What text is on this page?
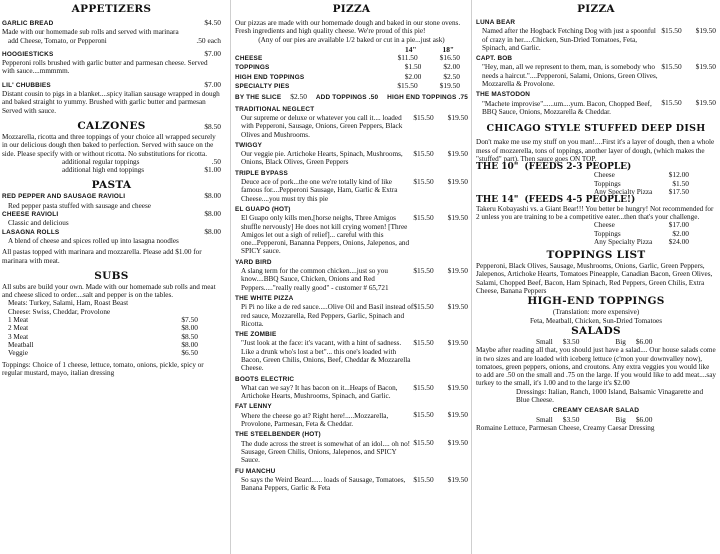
APPETIZERS
GARLIC BREAD	$4.50

Made with our homemade sub rolls and served with marinara

add Cheese, Tomato, or Pepperoni	.50 each
HOOGIESTICKS	$7.00

Pepperoni rolls brushed with garlic butter and parmesan cheese. Served with sauce....mmmmm.

LIL' CHUBBIES	$7.00

Distant cousin to pigs in a blanket....spicy italian sausage wrapped in dough and baked straight to yummy. Brushed with garlic butter and parmesan Served with sauce.

CALZONES	$8.50

Mozzarella, ricotta and three toppings of your choice all wrapped securely in our delicious dough then baked to perfection. Served with sauce on the side. Please specify with or without ricotta. No substitutions for ricotta.

additional regular toppings	.50
additional high end toppings	$1.00
PASTA
RED PEPPER AND SAUSAGE RAVIOLI	$8.00

Red pepper pasta stuffed with sausage and cheese

CHEESE RAVIOLI	$8.00

Classic and delicious

LASAGNA ROLLS	$8.00

A blend of cheese and spices rolled up into lasagna noodles

All pastas topped with marinara and mozzarella. Please add $1.00 for marinara with meat.

SUBS

All subs are build your own. Made with our homemade sub rolls and meat and cheese sliced to order....salt and pepper is on the tables.

Meats: Turkey, Salami, Ham, Roast Beast

Cheese: Swiss, Cheddar, Provolone

1 Meat	$7.50
2 Meat	$8.00
3 Meat	$8.50
Meatball	$8.00
Veggie	$6.50

Toppings: Choice of 1 cheese, lettuce, tomato, onions, pickle, spicy or regular mustard, mayo, italian dressing

PIZZA

Our pizzas are made with our homemade dough and baked in our stone ovens. Fresh ingredients and high quality cheese. We're proud of this pie!

(Any of our pies are available 1/2 baked or cut in a pie...just ask)

14"	18"
CHEESE	$11.50	$16.50
TOPPINGS	$1.50	$2.00
HIGH END TOPPINGS	$2.00	$2.50
SPECIALTY PIES	$15.50	$19.50
BY THE SLICE $2.50 ADD TOPPINGS .50 HIGH END TOPPINGS .75
TRADITIONAL NEGLECT

Our supreme or deluxe or whatever you call it.... loaded with Pepperoni, Sausage, Onions, Green Peppers, Black Olives and Mushrooms.

$15.50 $19.50
TWIGGY

Our veggie pie. Artichoke Hearts, Spinach, Mushrooms, Onions, Black Olives, Green Peppers

$15.50 $19.50
TRIPLE BYPASS

Deuce ace of pork...the one we're totally kind of like famous for....Pepperoni Sausage, Ham, Garlic & Extra Cheese....you must try this pie

$15.50 $19.50
EL GUAPO (HOT)

El Guapo only kills men,[horse neighs, Three Amigos shuffle nervously] He does not kill crying women! [Three Amigos let out a sigh of relief]... careful with this one...Pepperoni, Bananna Peppers, Onions, Jalepenos, and SPICY sauce.

$15.50 $19.50
YARD BIRD

A slang term for the common chicken....just so you know....BBQ Sauce, Chicken, Onions and Red Peppers....."really really good" - customer # 65,721

$15.50 $19.50
THE WHITE PIZZA

Pi Pi no like a de red sauce.....Olive Oil and Basil instead of red sauce, Mozzarella, Red Peppers, Garlic, Spinach and Ricotta.

$15.50 $19.50
THE ZOMBIE

"Just look at the face: it's vacant, with a hint of sadness. Like a drunk who's lost a bet"... this one's loaded with Bacon, Green Chilis, Onions, Beef, Cheddar & Mozzarella Cheese.

$15.50 $19.50
BOOTS ELECTRIC

What can we say? It has bacon on it...Heaps of Bacon, Artichoke Hearts, Mushrooms, Spinach, and Garlic.

$15.50 $19.50
FAT LENNY

Where the cheese go at? Right here!.....Mozzarella, Provolone, Parmesan, Feta & Cheddar.

$15.50 $19.50
THE STEELBENDER (HOT)

The dude across the street is somewhat of an idol.... oh no! Sausage, Green Chilis, Onions, Jalepenos, and SPICY Sauce.

$15.50 $19.50
FU MANCHU

So says the Weird Beard...... loads of Sausage, Tomatoes, Banana Peppers, Garlic & Feta

$15.50 $19.50
PIZZA
LUNA BEAR

Named after the Hogback Fetching Dog with just a spoonful of crazy in her.....Chicken, Sun-Dried Tomatoes, Feta, Spinach, and Garlic.

$15.50 $19.50
CAPT. BOB

"Hey, man, all we represent to them, man, is somebody who needs a haircut."....Pepperoni, Salami, Onions, Green Olives, Mozzarella & Provolone.

$15.50 $19.50
THE MASTODON

"Machete improvise"......um....yum. Bacon, Chopped Beef, BBQ Sauce, Onions, Mozzarella & Cheddar.

$15.50 $19.50
CHICAGO STYLE STUFFED DEEP DISH

Don't make me use my stuff on you man!....First it's a layer of dough, then a whole mess of mozzerella, tons of toppings, another layer of dough, (which makes the "stuffed" part). Then sauce goes ON TOP.

THE 10" (FEEDS 2-3 PEOPLE)
Cheese	$12.00
Toppings	$1.50
Any Specialty Pizza $17.50
THE 14" (FEEDS 4-5 PEOPLE!)

Takeru Kobayashi vs. a Giant Bear!!! You better be hungry! Not recommended for 2 unless you are training to be a competitive eater...then that's your challenge.

Cheese	$17.00
Toppings	$2.00
Any Specialty Pizza $24.00
TOPPINGS LIST

Pepperoni, Black Olives, Sausage, Mushrooms, Onions, Garlic, Green Peppers, Jalepenos, Artichoke Hearts, Tomatoes Pineapple, Canadian Bacon, Green Olives, Salami, Chopped Beef, Bacon, Ham Spinach, Red Peppers, Green Chilis, Extra Cheese, Banana Peppers

HIGH-END TOPPINGS

(Translation: more expensive)

Feta, Meatball, Chicken, Sun-Dried Tomatoes

SALADS
Small $3.50	Big $6.00

Maybe after reading all that, you should just have a salad.... Our house salads come in two sizes and are loaded with iceberg lettuce (c'mon your downvalley now), tomatoes, green peppers, onions, and croutons. Any extra veggies you would like to add are .50 on the small and .75 on the large. If you would like to add meat....say turkey to the small, it's 1.00 and to the large it's $2.00

Dressings: Italian, Ranch, 1000 Island, Balsamic Vinagarette and Blue Cheese.

CREAMY CEASAR SALAD

Small $3.50	Big $6.00

Romaine Lettuce, Parmesan Cheese, Creamy Caesar Dressing
